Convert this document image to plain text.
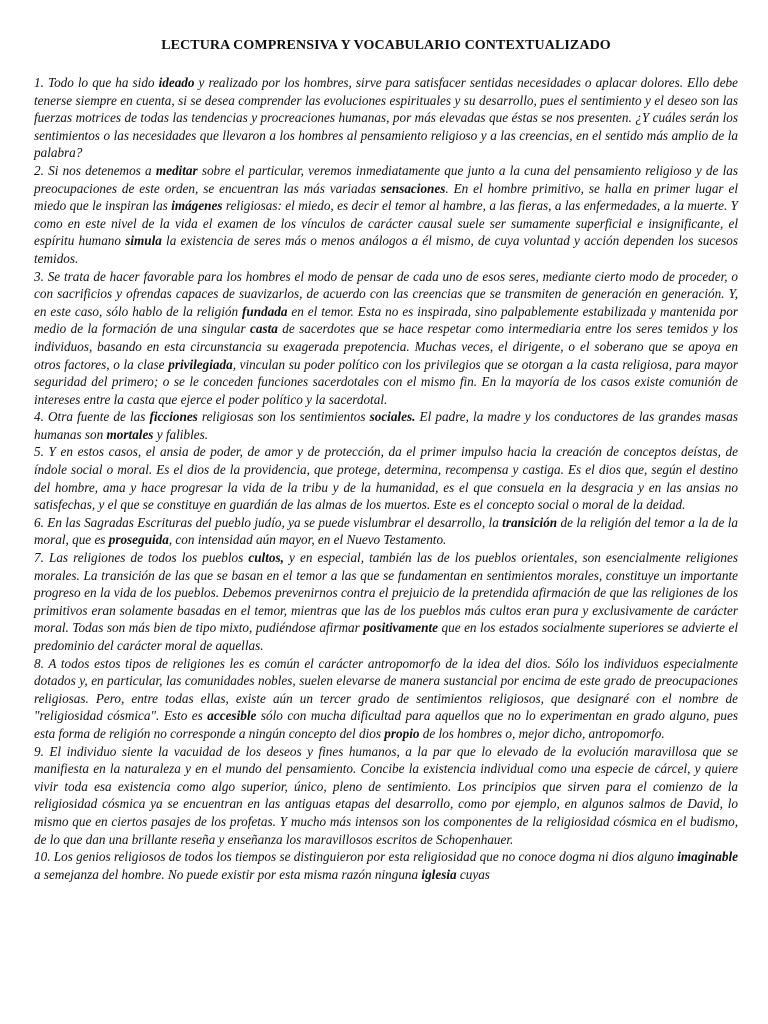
LECTURA COMPRENSIVA Y VOCABULARIO CONTEXTUALIZADO

1. Todo lo que ha sido ideado y realizado por los hombres, sirve para satisfacer sentidas necesidades o aplacar dolores. Ello debe tenerse siempre en cuenta, si se desea comprender las evoluciones espirituales y su desarrollo, pues el sentimiento y el deseo son las fuerzas motrices de todas las tendencias y procreaciones humanas, por más elevadas que éstas se nos presenten. ¿Y cuáles serán los sentimientos o las necesidades que llevaron a los hombres al pensamiento religioso y a las creencias, en el sentido más amplio de la palabra?

2. Si nos detenemos a meditar sobre el particular, veremos inmediatamente que junto a la cuna del pensamiento religioso y de las preocupaciones de este orden, se encuentran las más variadas sensaciones. En el hombre primitivo, se halla en primer lugar el miedo que le inspiran las imágenes religiosas: el miedo, es decir el temor al hambre, a las fieras, a las enfermedades, a la muerte. Y como en este nivel de la vida el examen de los vínculos de carácter causal suele ser sumamente superficial e insignificante, el espíritu humano simula la existencia de seres más o menos análogos a él mismo, de cuya voluntad y acción dependen los sucesos temidos.

3. Se trata de hacer favorable para los hombres el modo de pensar de cada uno de esos seres, mediante cierto modo de proceder, o con sacrificios y ofrendas capaces de suavizarlos, de acuerdo con las creencias que se transmiten de generación en generación. Y, en este caso, sólo hablo de la religión fundada en el temor. Esta no es inspirada, sino palpablemente estabilizada y mantenida por medio de la formación de una singular casta de sacerdotes que se hace respetar como intermediaria entre los seres temidos y los individuos, basando en esta circunstancia su exagerada prepotencia. Muchas veces, el dirigente, o el soberano que se apoya en otros factores, o la clase privilegiada, vinculan su poder político con los privilegios que se otorgan a la casta religiosa, para mayor seguridad del primero; o se le conceden funciones sacerdotales con el mismo fin. En la mayoría de los casos existe comunión de intereses entre la casta que ejerce el poder político y la sacerdotal.

4. Otra fuente de las ficciones religiosas son los sentimientos sociales. El padre, la madre y los conductores de las grandes masas humanas son mortales y falibles.

5. Y en estos casos, el ansia de poder, de amor y de protección, da el primer impulso hacia la creación de conceptos deístas, de índole social o moral. Es el dios de la providencia, que protege, determina, recompensa y castiga. Es el dios que, según el destino del hombre, ama y hace progresar la vida de la tribu y de la humanidad, es el que consuela en la desgracia y en las ansias no satisfechas, y el que se constituye en guardián de las almas de los muertos. Este es el concepto social o moral de la deidad.

6. En las Sagradas Escrituras del pueblo judío, ya se puede vislumbrar el desarrollo, la transición de la religión del temor a la de la moral, que es proseguida, con intensidad aún mayor, en el Nuevo Testamento.

7. Las religiones de todos los pueblos cultos, y en especial, también las de los pueblos orientales, son esencialmente religiones morales. La transición de las que se basan en el temor a las que se fundamentan en sentimientos morales, constituye un importante progreso en la vida de los pueblos. Debemos prevenirnos contra el prejuicio de la pretendida afirmación de que las religiones de los primitivos eran solamente basadas en el temor, mientras que las de los pueblos más cultos eran pura y exclusivamente de carácter moral. Todas son más bien de tipo mixto, pudiéndose afirmar positivamente que en los estados socialmente superiores se advierte el predominio del carácter moral de aquellas.

8. A todos estos tipos de religiones les es común el carácter antropomorfo de la idea del dios. Sólo los individuos especialmente dotados y, en particular, las comunidades nobles, suelen elevarse de manera sustancial por encima de este grado de preocupaciones religiosas. Pero, entre todas ellas, existe aún un tercer grado de sentimientos religiosos, que designaré con el nombre de "religiosidad cósmica". Esto es accesible sólo con mucha dificultad para aquellos que no lo experimentan en grado alguno, pues esta forma de religión no corresponde a ningún concepto del dios propio de los hombres o, mejor dicho, antropomorfo.

9. El individuo siente la vacuidad de los deseos y fines humanos, a la par que lo elevado de la evolución maravillosa que se manifiesta en la naturaleza y en el mundo del pensamiento. Concibe la existencia individual como una especie de cárcel, y quiere vivir toda esa existencia como algo superior, único, pleno de sentimiento. Los principios que sirven para el comienzo de la religiosidad cósmica ya se encuentran en las antiguas etapas del desarrollo, como por ejemplo, en algunos salmos de David, lo mismo que en ciertos pasajes de los profetas. Y mucho más intensos son los componentes de la religiosidad cósmica en el budismo, de lo que dan una brillante reseña y enseñanza los maravillosos escritos de Schopenhauer.

10. Los genios religiosos de todos los tiempos se distinguieron por esta religiosidad que no conoce dogma ni dios alguno imaginable a semejanza del hombre. No puede existir por esta misma razón ninguna iglesia cuyas
